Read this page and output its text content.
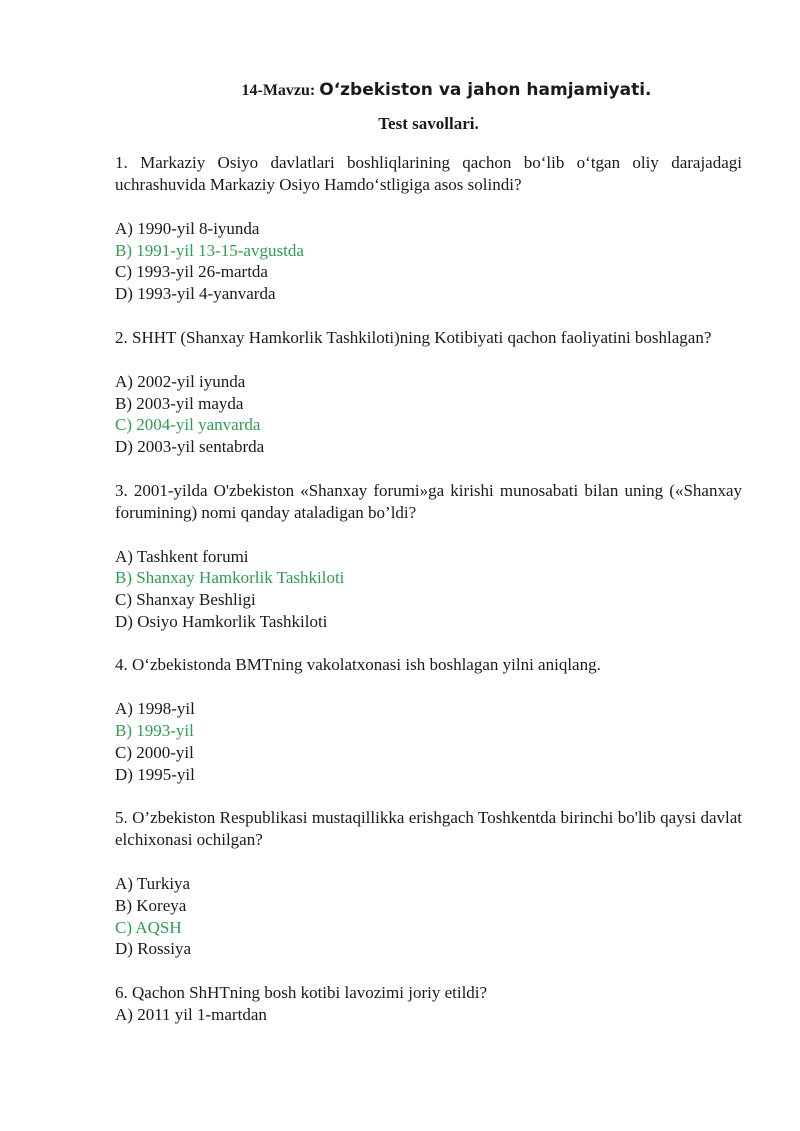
14-Mavzu: O‘zbekiston va jahon hamjamiyati.
Test savollari.
1. Markaziy Osiyo davlatlari boshliqlarining qachon bo‘lib o‘tgan oliy darajadagi uchrashuvida Markaziy Osiyo Hamdo‘stligiga asos solindi?
A) 1990-yil 8-iyunda
B) 1991-yil 13-15-avgustda
C) 1993-yil 26-martda
D) 1993-yil 4-yanvarda
2. SHHT (Shanxay Hamkorlik Tashkiloti)ning Kotibiyati qachon faoliyatini boshlagan?
A) 2002-yil iyunda
B) 2003-yil mayda
C) 2004-yil yanvarda
D) 2003-yil sentabrda
3. 2001-yilda O'zbekiston «Shanxay forumi»ga kirishi munosabati bilan uning («Shanxay forumining) nomi qanday ataladigan bo’ldi?
A) Tashkent forumi
B) Shanxay Hamkorlik Tashkiloti
C) Shanxay Beshligi
D) Osiyo Hamkorlik Tashkiloti
4. O‘zbekistonda BMTning vakolatxonasi ish boshlagan yilni aniqlang.
A) 1998-yil
B) 1993-yil
C) 2000-yil
D) 1995-yil
5. O’zbekiston Respublikasi mustaqillikka erishgach Toshkentda birinchi bo'lib qaysi davlat elchixonasi ochilgan?
A) Turkiya
B) Koreya
C) AQSH
D) Rossiya
6. Qachon ShHTning bosh kotibi lavozimi joriy etildi?
A) 2011 yil 1-martdan
